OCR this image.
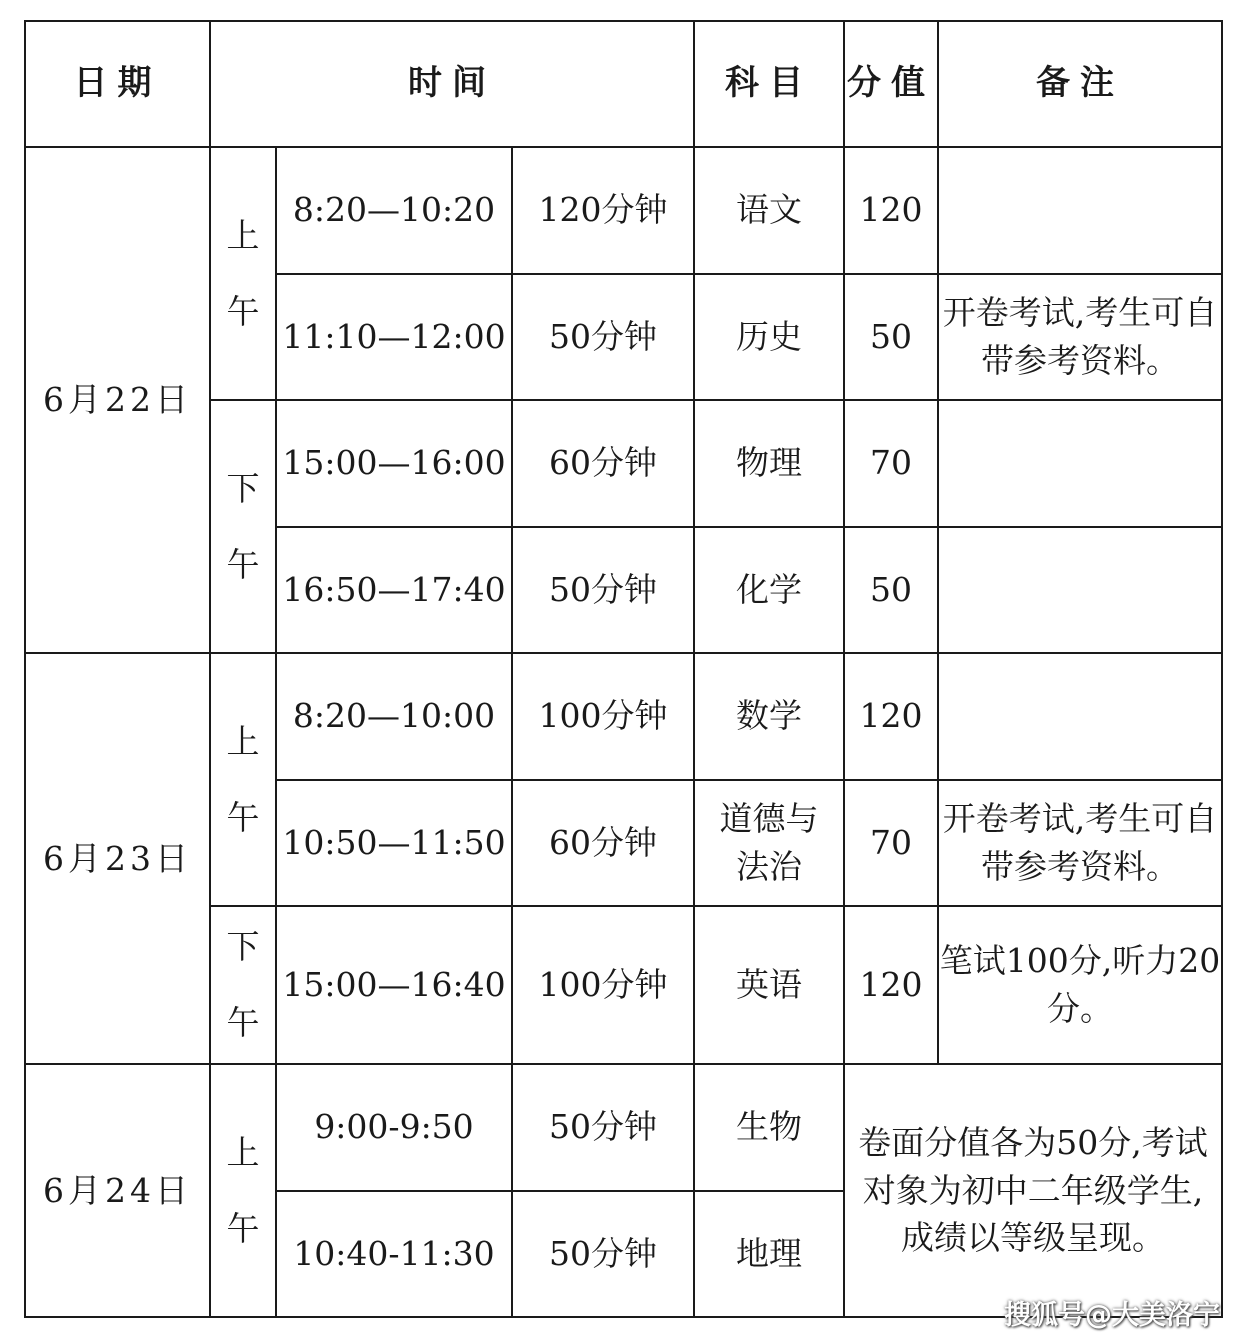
日期	时间			科目	分值	备注
6月22日	上午	8:20—10:20	120分钟	语文	120	
		11:10—12:00	50分钟	历史	50	开卷考试,考生可自带参考资料。
	下午	15:00—16:00	60分钟	物理	70	
		16:50—17:40	50分钟	化学	50	
6月23日	上午	8:20—10:00	100分钟	数学	120	
		10:50—11:50	60分钟	道德与法治	70	开卷考试,考生可自带参考资料。
	下午	15:00—16:40	100分钟	英语	120	笔试100分,听力20分。
6月24日	上午	9:00-9:50	50分钟	生物	卷面分值各为50分,考试对象为初中二年级学生,成绩以等级呈现。	
		10:40-11:30	50分钟	地理		
搜狐号@大美洛宁
